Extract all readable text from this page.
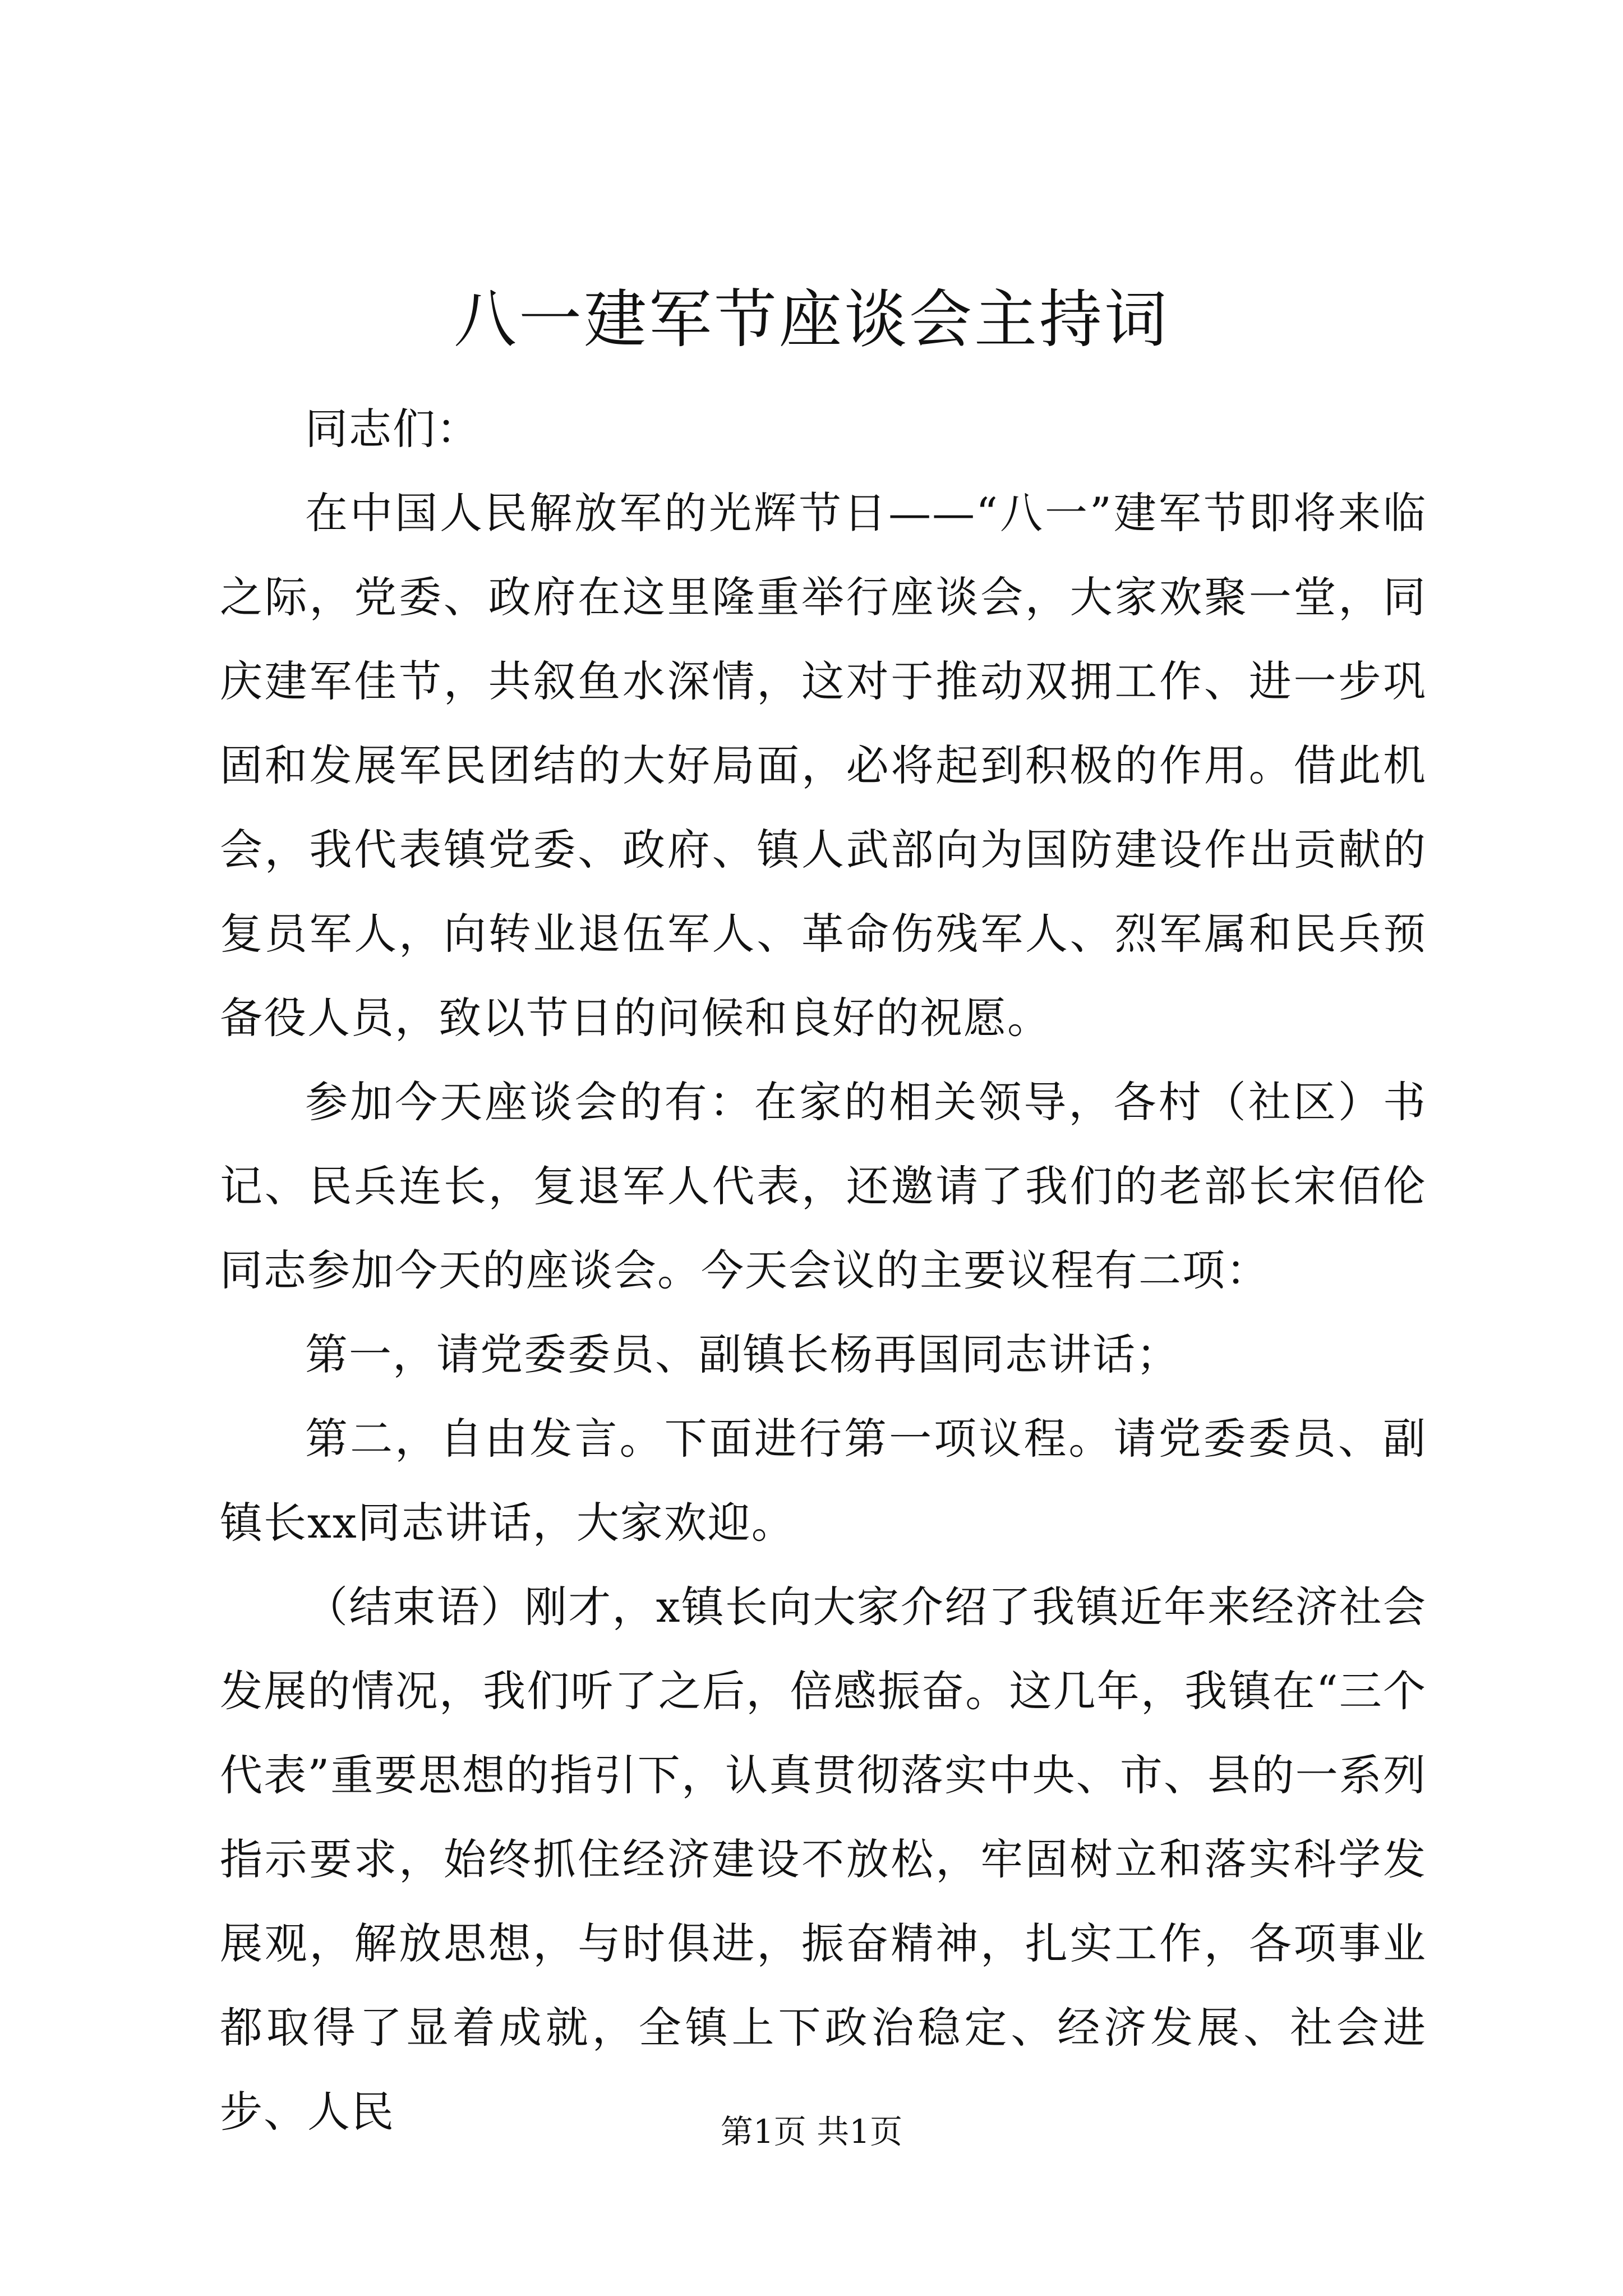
八一建军节座谈会主持词

同志们：

在中国人民解放军的光辉节日——“八一”建军节即将来临之际，党委、政府在这里隆重举行座谈会，大家欢聚一堂，同庆建军佳节，共叙鱼水深情，这对于推动双拥工作、进一步巩固和发展军民团结的大好局面，必将起到积极的作用。借此机会，我代表镇党委、政府、镇人武部向为国防建设作出贡献的复员军人，向转业退伍军人、革命伤残军人、烈军属和民兵预备役人员，致以节日的问候和良好的祝愿。

参加今天座谈会的有：在家的相关领导，各村（社区）书记、民兵连长，复退军人代表，还邀请了我们的老部长宋佰伦同志参加今天的座谈会。今天会议的主要议程有二项：

第一，请党委委员、副镇长杨再国同志讲话；

第二，自由发言。下面进行第一项议程。请党委委员、副镇长xx同志讲话，大家欢迎。

（结束语）刚才，x镇长向大家介绍了我镇近年来经济社会发展的情况，我们听了之后，倍感振奋。这几年，我镇在“三个代表”重要思想的指引下，认真贯彻落实中央、市、县的一系列指示要求，始终抓住经济建设不放松，牢固树立和落实科学发展观，解放思想，与时俱进，振奋精神，扎实工作，各项事业都取得了显着成就，全镇上下政治稳定、经济发展、社会进步、人民	第1页 共1页
